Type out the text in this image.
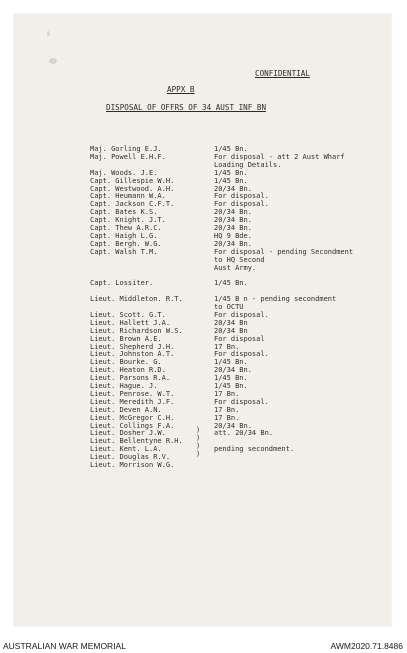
CONFIDENTIAL
APPX B
DISPOSAL OF OFFRS OF 34 AUST INF BN
Maj. Gorling E.J.	1/45 Bn.
Maj. Powell E.H.F.	For disposal - att 2 Aust Wharf
Loading Details.
Maj. Woods. J.E.	1/45 Bn.
Capt. Gillespie W.H.	1/45 Bn.
Capt. Westwood. A.H.	20/34 Bn.
Capt. Heumann W.A.	For disposal.
Capt. Jackson C.F.T.	For disposal.
Capt. Bates K.S.	20/34 Bn.
Capt. Knight. J.T.	20/34 Bn.
Capt. Thew A.R.C.	20/34 Bn.
Capt. Haigh L.G.	HQ 9 Bde.
Capt. Bergh. W.G.	20/34 Bn.
Capt. Walsh T.M.	For disposal - pending Secondment
to HQ Second
Aust Army.
Capt. Lossiter.	1/45 Bn.
Lieut. Middleton. R.T.	1/45 B n - pending secondment
to OCTU
Lieut. Scott. G.T.	For disposal.
Lieut. Hallett J.A.	20/34 Bn
Lieut. Richardson W.S.	20/34 Bn
Lieut. Brown A.E.	For disposal
Lieut. Shepherd J.H.	17 Bn.
Lieut. Johnston A.T.	For disposal.
Lieut. Bourke. G.	1/45 Bn.
Lieut. Heaton R.D.	20/34 Bn.
Lieut. Parsons R.A.	1/45 Bn.
Lieut. Hague. J.	1/45 Bn.
Lieut. Penrose. W.T.	17 Bn.
Lieut. Meredith J.F.	For disposal.
Lieut. Deven A.N.	17 Bn.
Lieut. McGregor C.H.	17 Bn.
Lieut. Collings F.A.	20/34 Bn.
Lieut. Dosher J.W.	att. 20/34 Bn.
Lieut. Bellentyne R.H.
Lieut. Kent. L.A.	pending secondment.
Lieut. Douglas R.V.
Lieut. Morrison W.G.
)
)
)
)
AUSTRALIAN WAR MEMORIAL	AWM2020.71.8486
